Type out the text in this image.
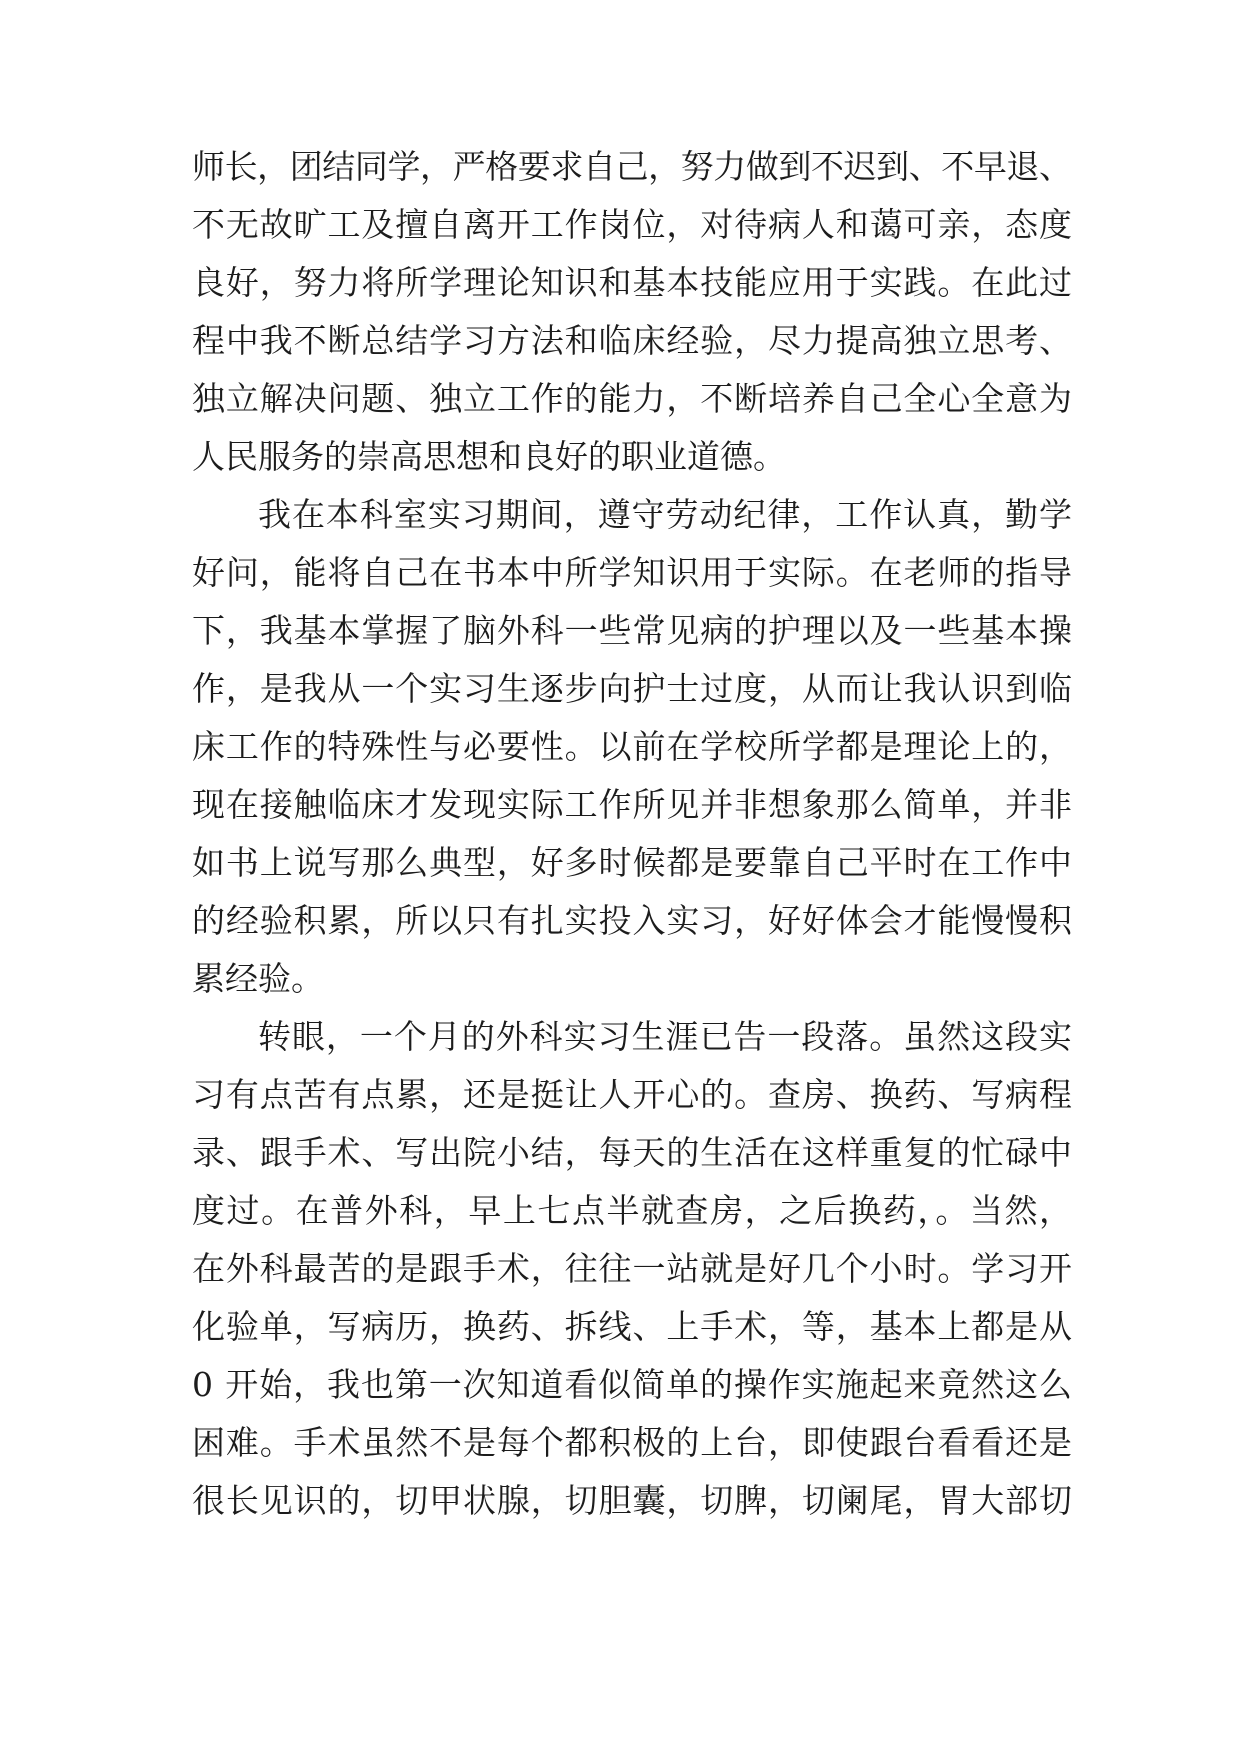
师长，团结同学，严格要求自己，努力做到不迟到、不早退、
不无故旷工及擅自离开工作岗位，对待病人和蔼可亲，态度
良好，努力将所学理论知识和基本技能应用于实践。在此过
程中我不断总结学习方法和临床经验，尽力提高独立思考、
独立解决问题、独立工作的能力，不断培养自己全心全意为
人民服务的崇高思想和良好的职业道德。
我在本科室实习期间，遵守劳动纪律，工作认真，勤学
好问，能将自己在书本中所学知识用于实际。在老师的指导
下，我基本掌握了脑外科一些常见病的护理以及一些基本操
作，是我从一个实习生逐步向护士过度，从而让我认识到临
床工作的特殊性与必要性。以前在学校所学都是理论上的，
现在接触临床才发现实际工作所见并非想象那么简单，并非
如书上说写那么典型，好多时候都是要靠自己平时在工作中
的经验积累，所以只有扎实投入实习，好好体会才能慢慢积
累经验。
转眼，一个月的外科实习生涯已告一段落。虽然这段实
习有点苦有点累，还是挺让人开心的。查房、换药、写病程
录、跟手术、写出院小结，每天的生活在这样重复的忙碌中
度过。在普外科，早上七点半就查房，之后换药，。当然，
在外科最苦的是跟手术，往往一站就是好几个小时。学习开
化验单，写病历，换药、拆线、上手术，等，基本上都是从
0 开始，我也第一次知道看似简单的操作实施起来竟然这么
困难。手术虽然不是每个都积极的上台，即使跟台看看还是
很长见识的，切甲状腺，切胆囊，切脾，切阑尾，胃大部切
